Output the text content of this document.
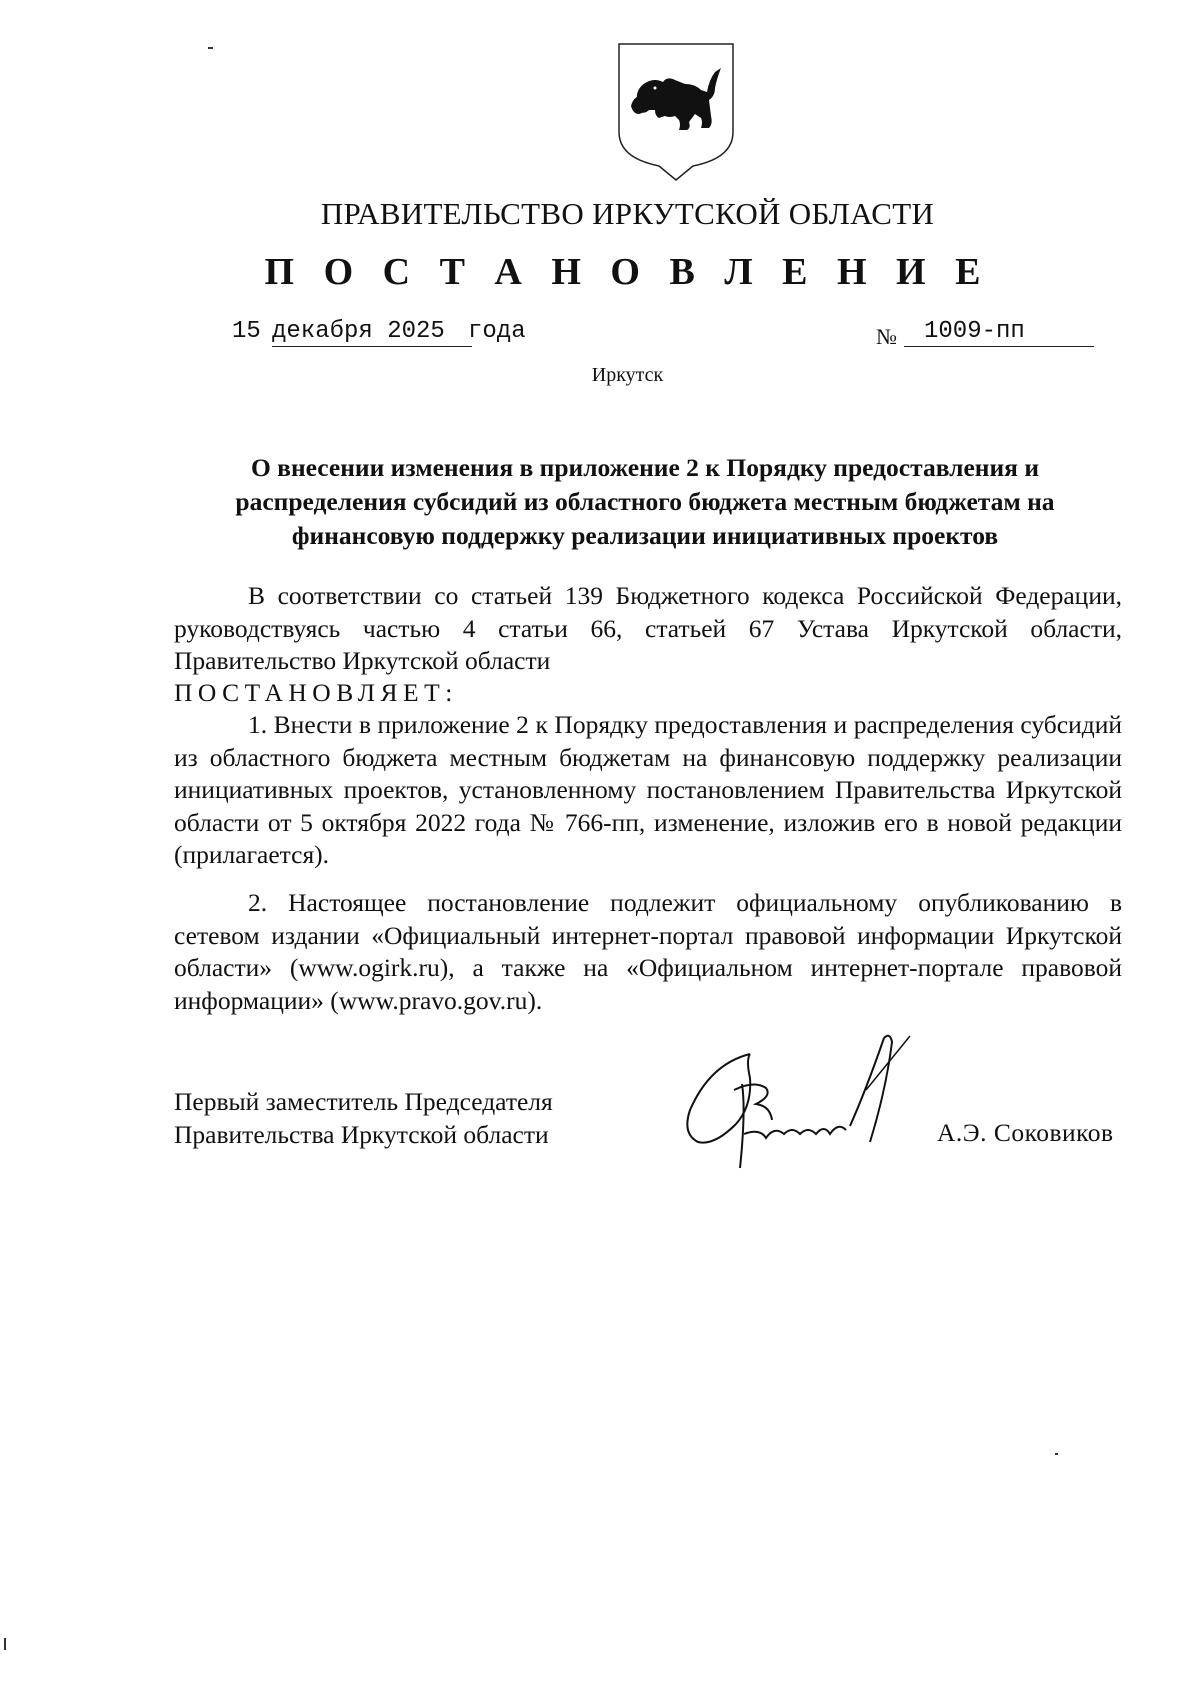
ПРАВИТЕЛЬСТВО ИРКУТСКОЙ ОБЛАСТИ
П О С Т А Н О В Л Е Н И Е
15 декабря 2025 года	№	1009-пп
Иркутск
О внесении изменения в приложение 2 к Порядку предоставления и распределения субсидий из областного бюджета местным бюджетам на финансовую поддержку реализации инициативных проектов

В соответствии со статьей 139 Бюджетного кодекса Российской Федерации, руководствуясь частью 4 статьи 66, статьей 67 Устава Иркутской области, Правительство Иркутской области

ПОСТАНОВЛЯЕТ:

1. Внести в приложение 2 к Порядку предоставления и распределения субсидий из областного бюджета местным бюджетам на финансовую поддержку реализации инициативных проектов, установленному постановлением Правительства Иркутской области от 5 октября 2022 года № 766-пп, изменение, изложив его в новой редакции (прилагается).

2. Настоящее постановление подлежит официальному опубликованию в сетевом издании «Официальный интернет-портал правовой информации Иркутской области» (www.ogirk.ru), а также на «Официальном интернет-портале правовой информации» (www.pravo.gov.ru).

Первый заместитель Председателя
Правительства Иркутской области	А.Э. Соковиков
